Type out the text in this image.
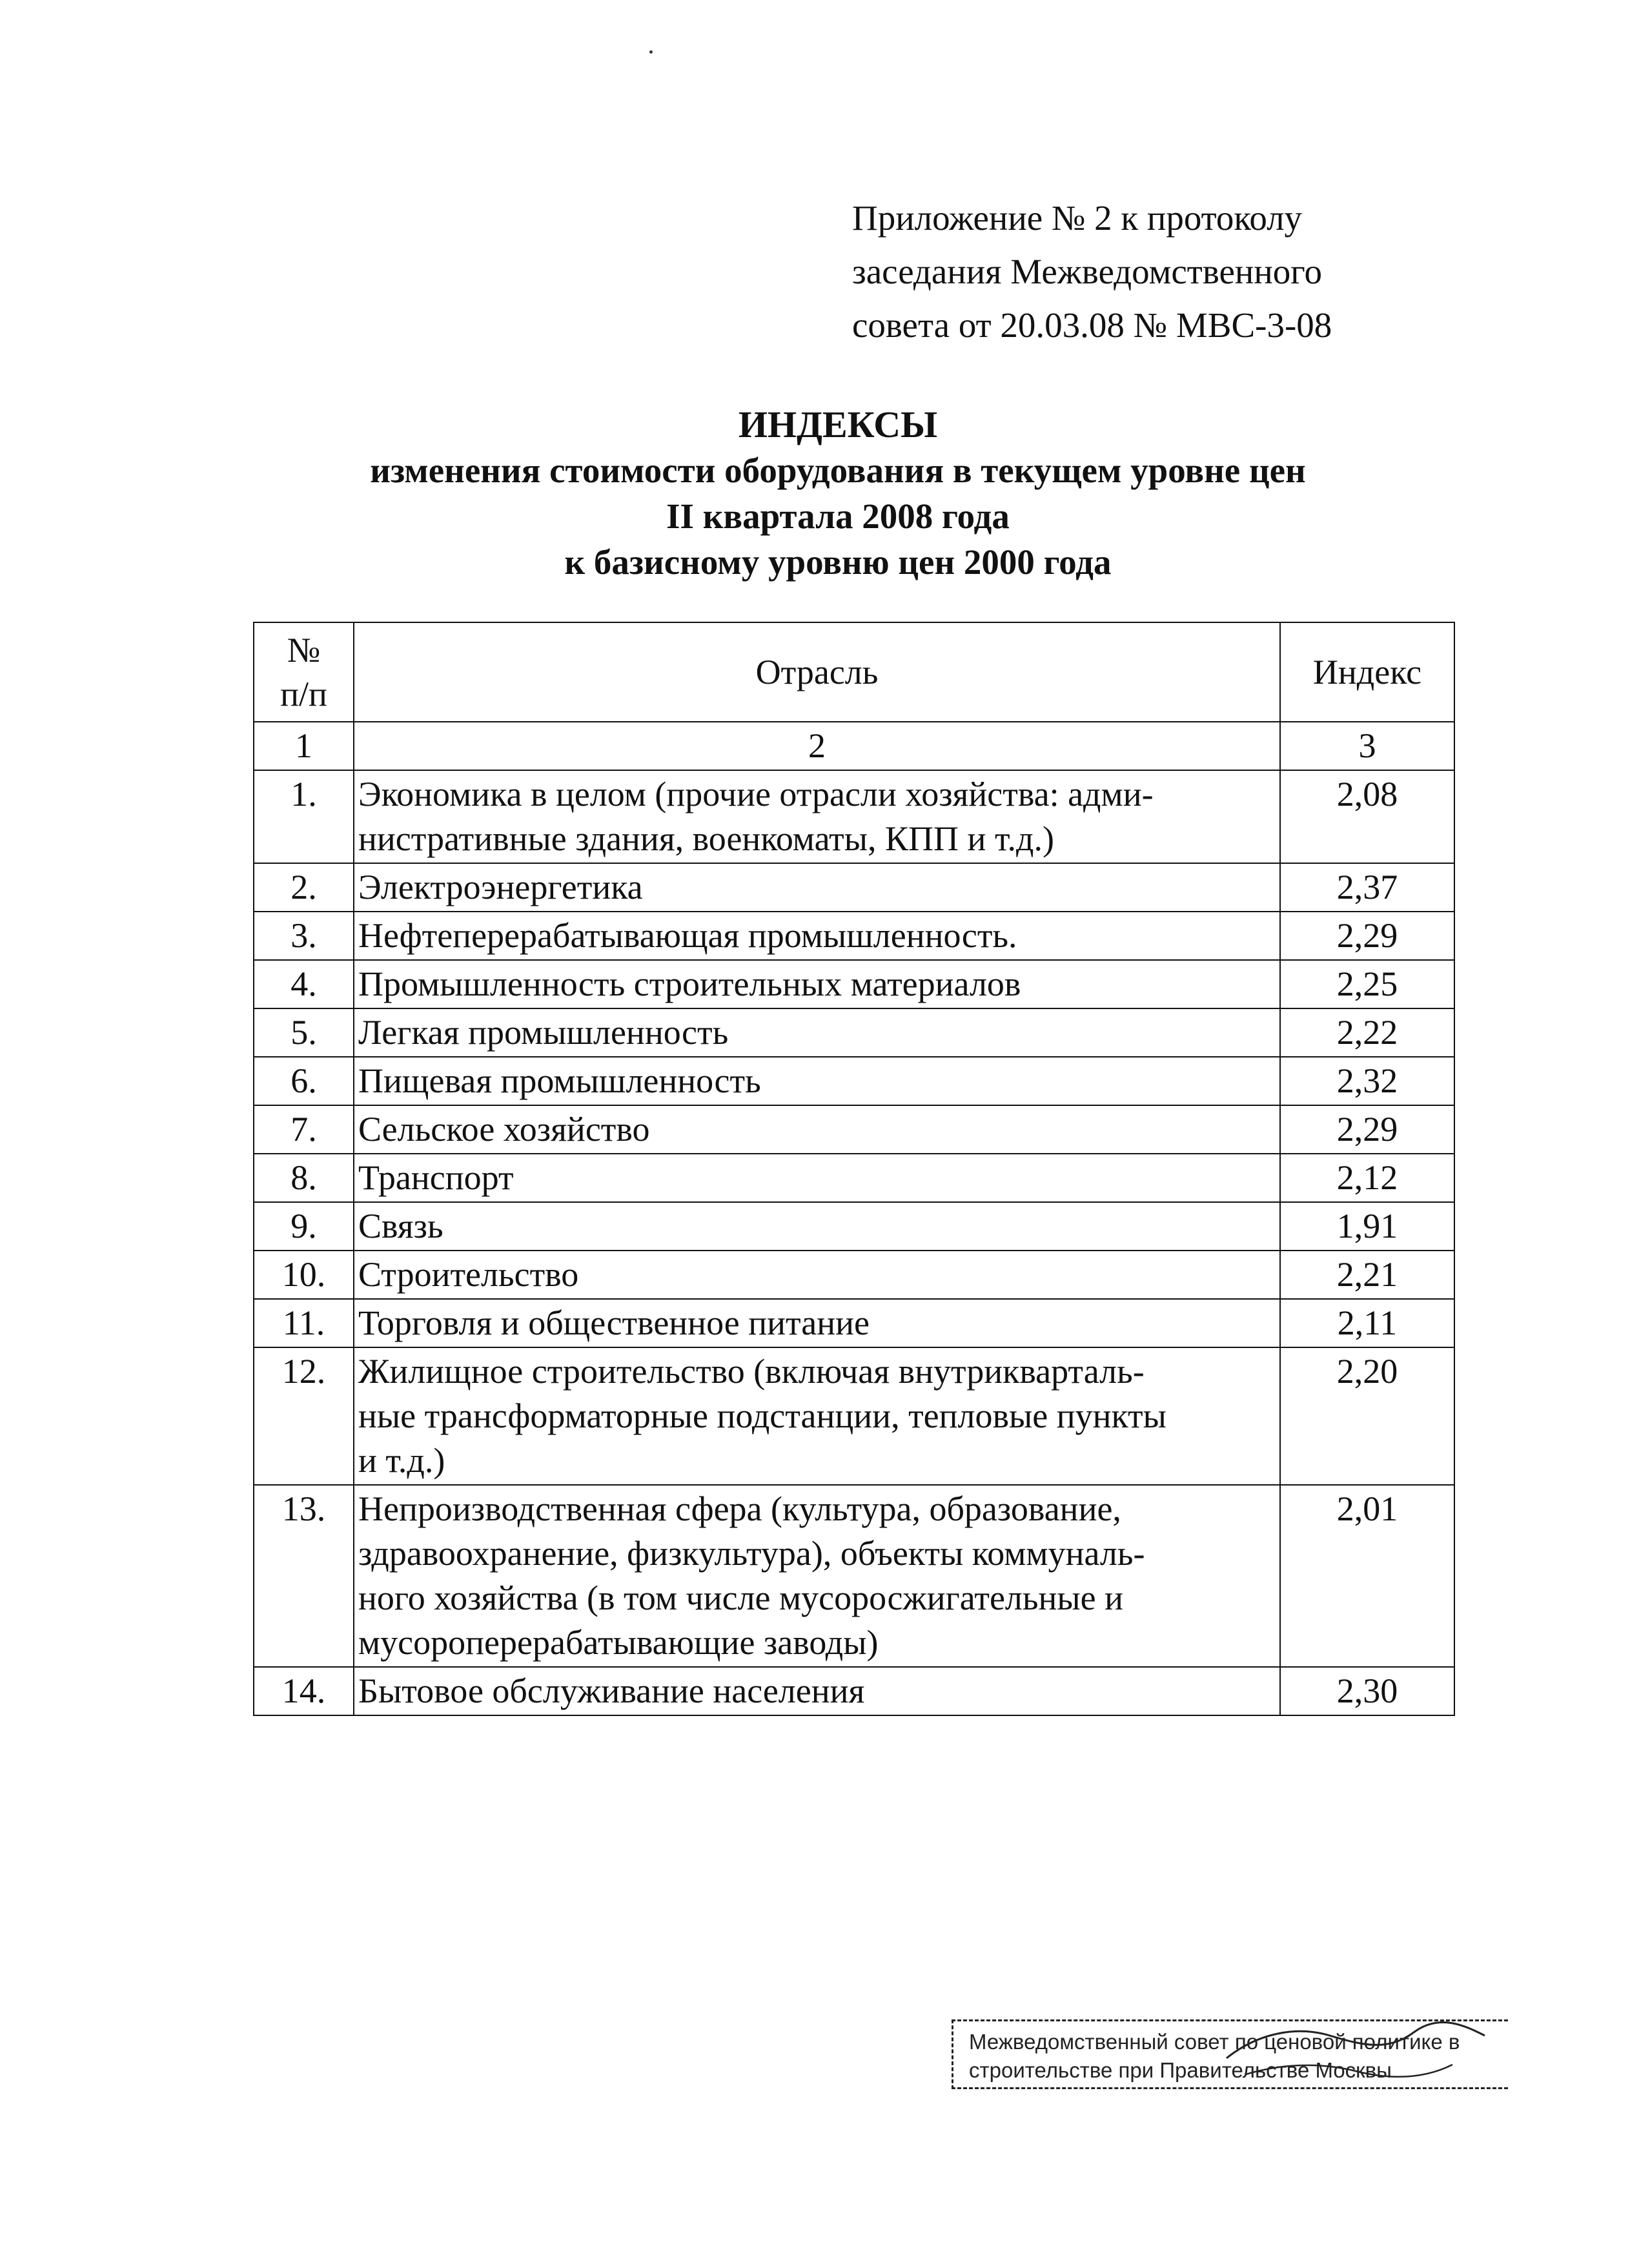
Приложение № 2 к протоколу
заседания Межведомственного
совета от 20.03.08 № МВС-3-08
ИНДЕКСЫ
изменения стоимости оборудования в текущем уровне цен
II квартала 2008 года
к базисному уровню цен 2000 года
№
п/п	Отрасль	Индекс
1	2	3
1.	Экономика в целом (прочие отрасли хозяйства: адми-
нистративные здания, военкоматы, КПП и т.д.)	2,08
2.	Электроэнергетика	2,37
3.	Нефтеперерабатывающая промышленность.	2,29
4.	Промышленность строительных материалов	2,25
5.	Легкая промышленность	2,22
6.	Пищевая промышленность	2,32
7.	Сельское хозяйство	2,29
8.	Транспорт	2,12
9.	Связь	1,91
10.	Строительство	2,21
11.	Торговля и общественное питание	2,11
12.	Жилищное строительство (включая внутрикварталь-
ные трансформаторные подстанции, тепловые пункты
и т.д.)	2,20
13.	Непроизводственная сфера (культура, образование,
здравоохранение, физкультура), объекты коммуналь-
ного хозяйства (в том числе мусоросжигательные и
мусороперерабатывающие заводы)	2,01
14.	Бытовое обслуживание населения	2,30
Межведомственный совет по ценовой политике в
строительстве при Правительстве Москвы
